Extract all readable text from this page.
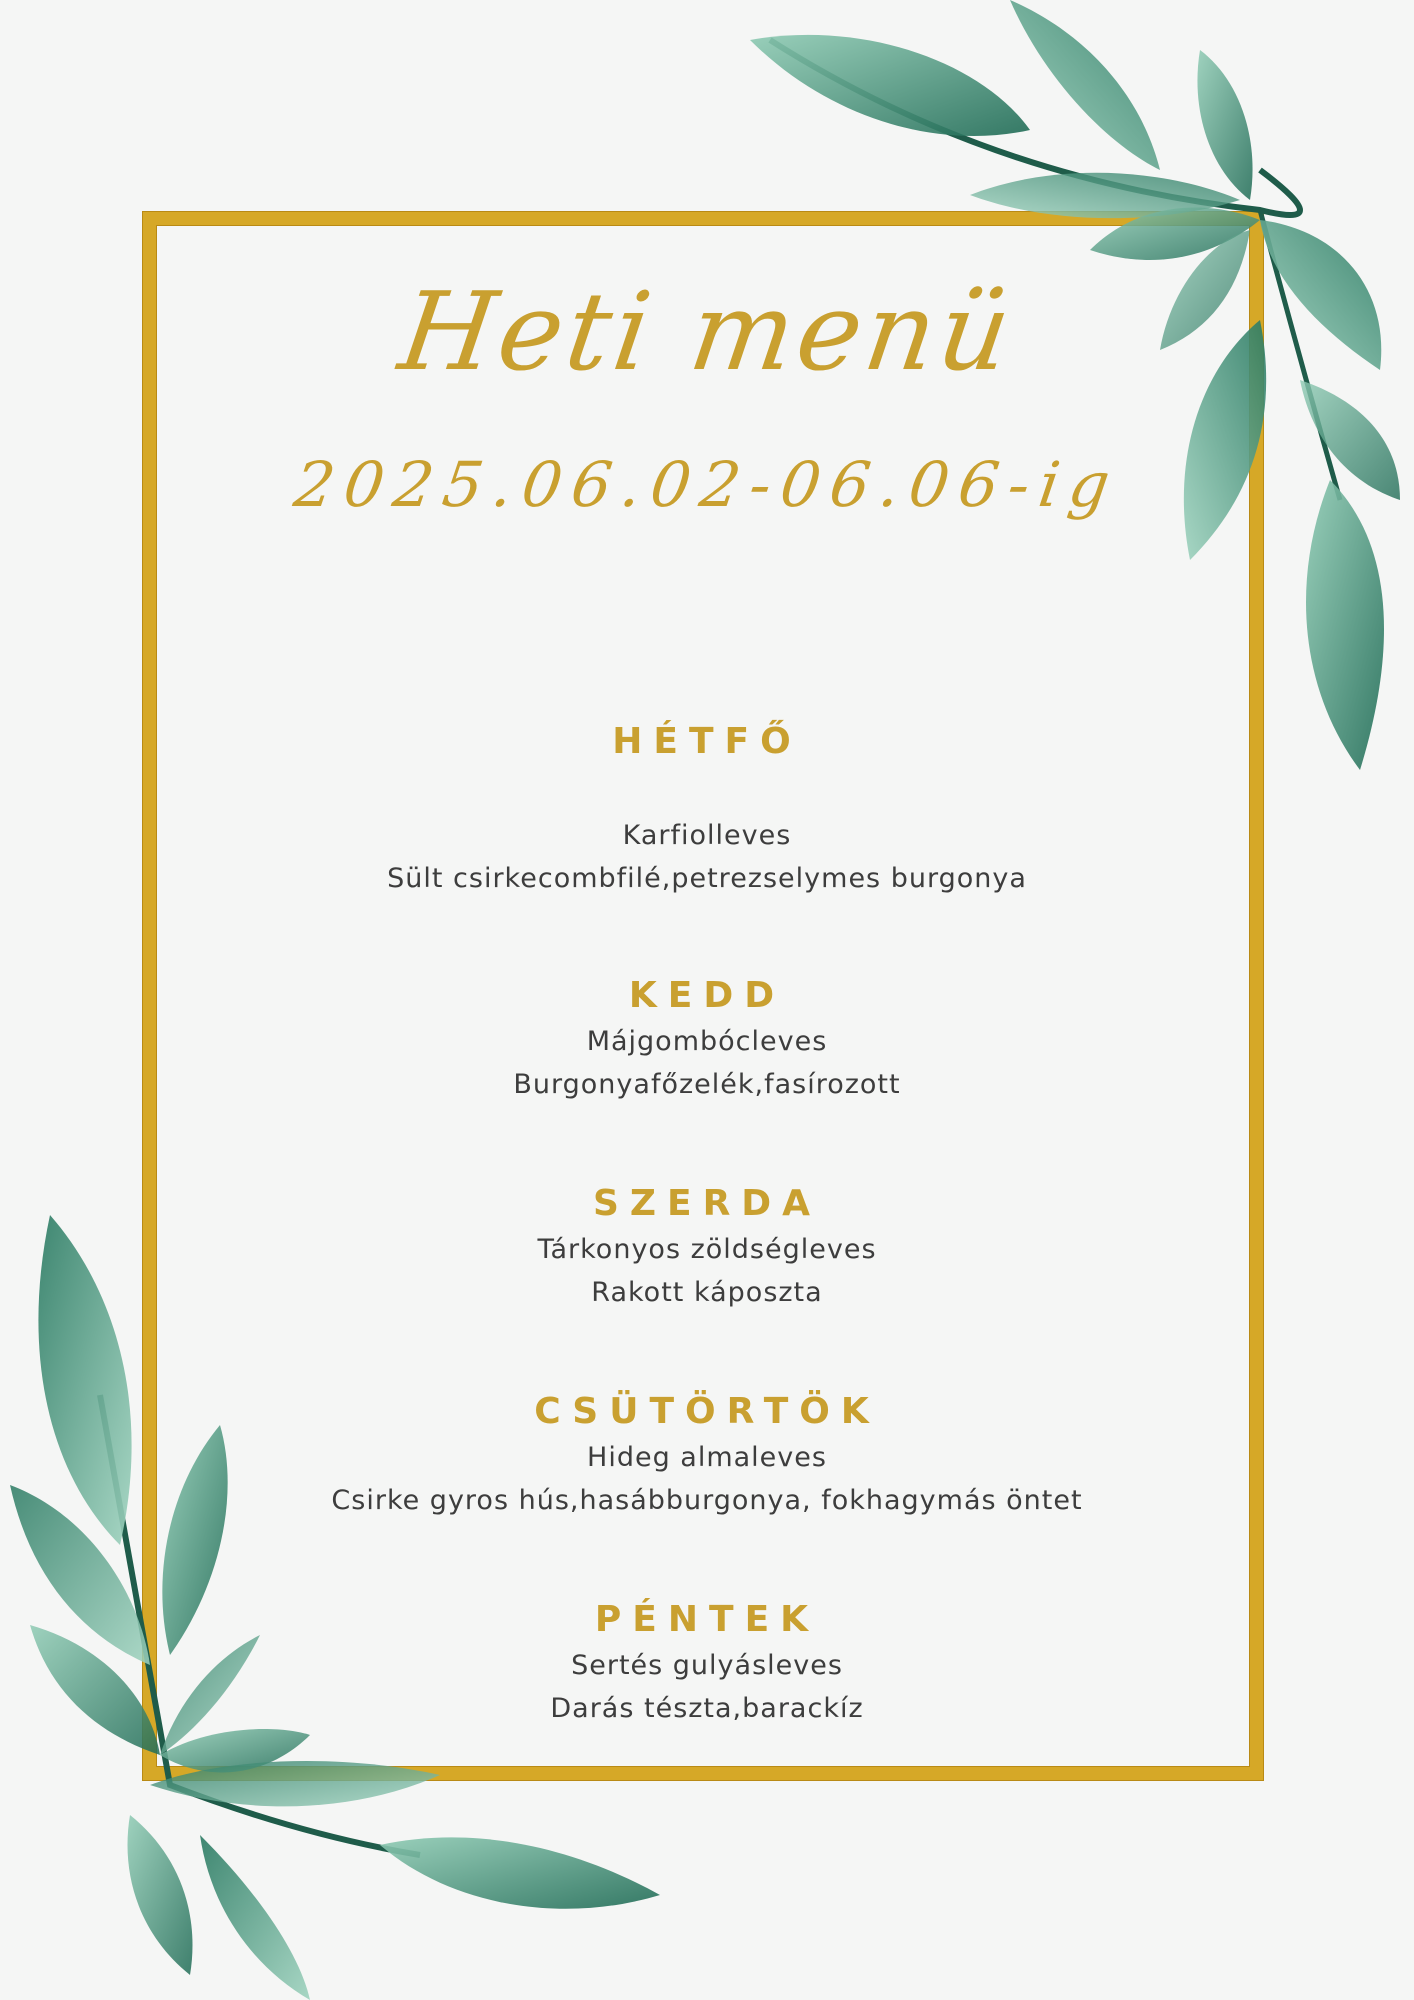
Heti menü
2025.06.02-06.06-ig

HÉTFŐ

Karfiolleves

Sült csirkecombfilé,petrezselymes burgonya

KEDD

Májgombócleves

Burgonyafőzelék,fasírozott

SZERDA

Tárkonyos zöldségleves

Rakott káposzta

CSÜTÖRTÖK

Hideg almaleves

Csirke gyros hús,hasábburgonya, fokhagymás öntet

PÉNTEK

Sertés gulyásleves

Darás tészta,barackíz
